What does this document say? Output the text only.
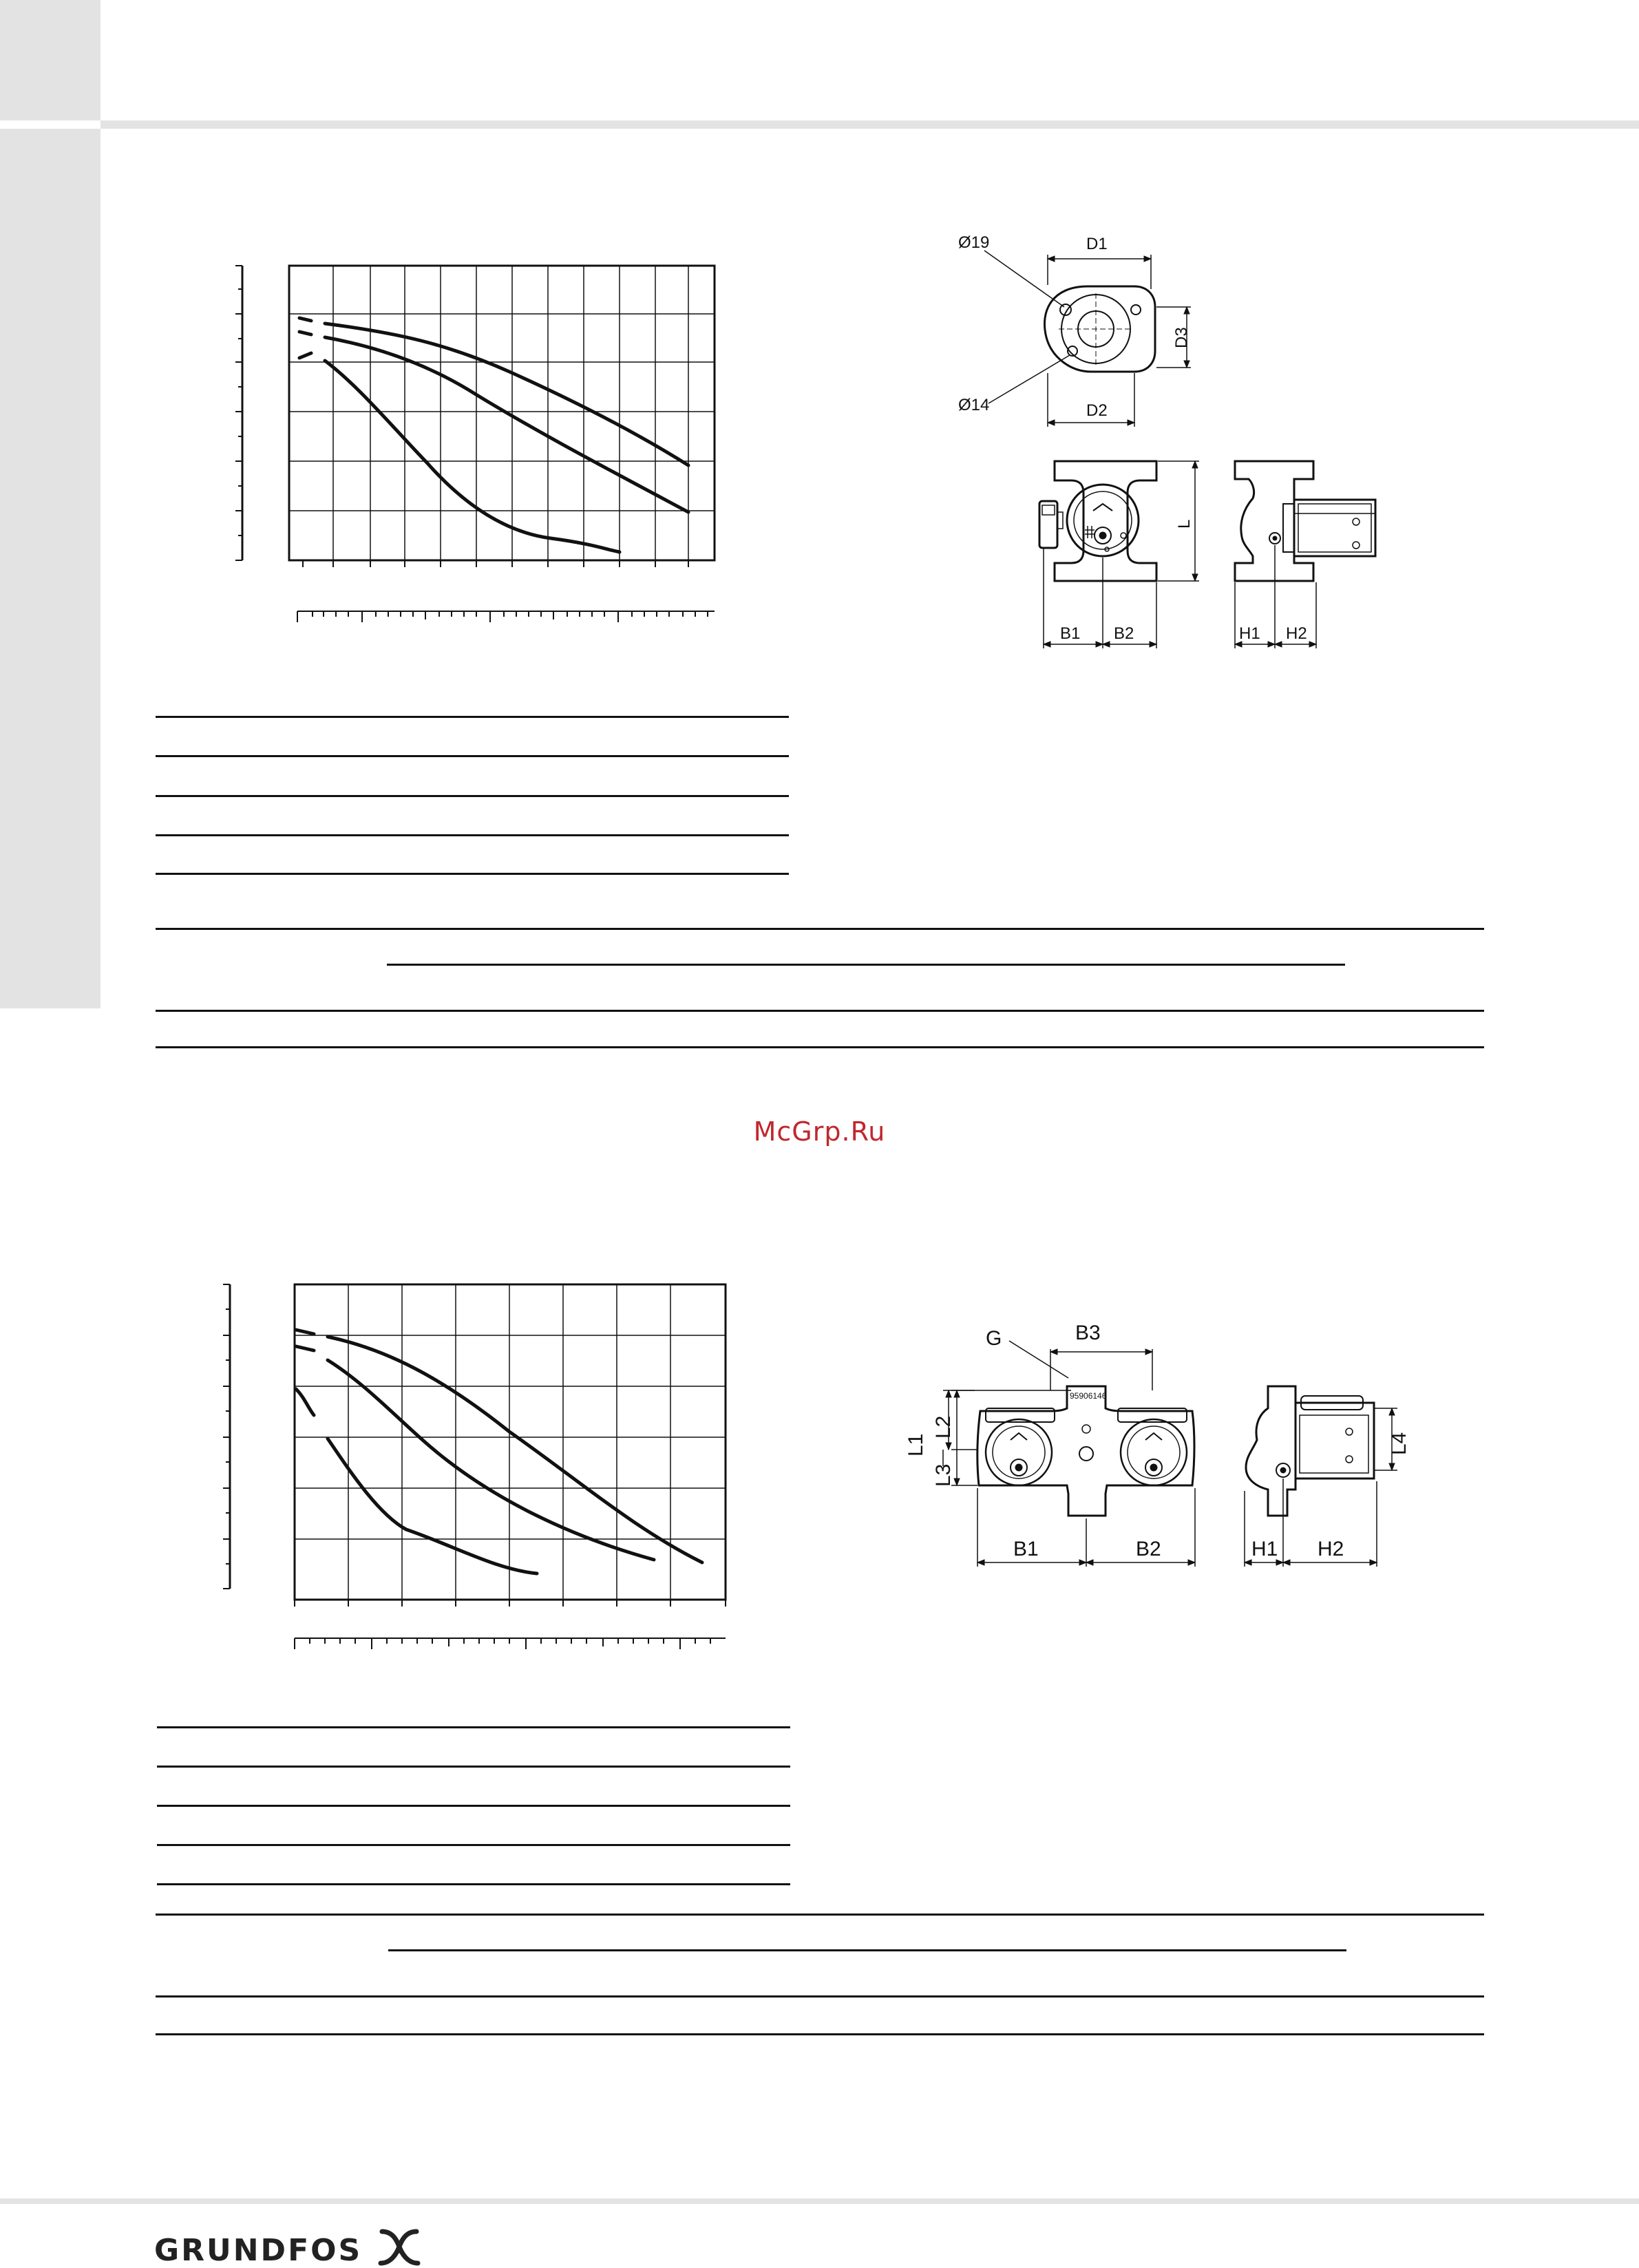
Ø19
Ø14
D1
D2
D3
L
B1 B2	H1 H2
McGrp.Ru
G	B3
95906146
L1
L2
L3
B1	B2
L4
H1 H2
GRUNDFOS
